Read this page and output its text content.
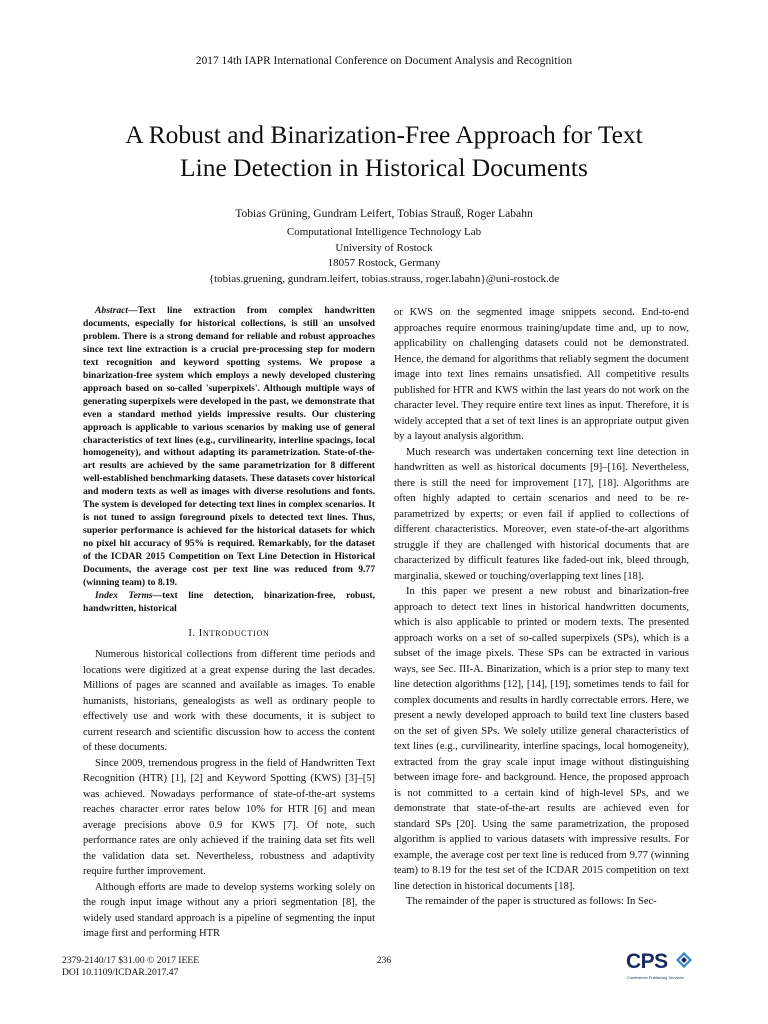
2017 14th IAPR International Conference on Document Analysis and Recognition
A Robust and Binarization-Free Approach for Text
Line Detection in Historical Documents
Tobias Grüning, Gundram Leifert, Tobias Strauß, Roger Labahn
Computational Intelligence Technology Lab
University of Rostock
18057 Rostock, Germany
{tobias.gruening, gundram.leifert, tobias.strauss, roger.labahn}@uni-rostock.de

Abstract—Text line extraction from complex handwritten documents, especially for historical collections, is still an unsolved problem. There is a strong demand for reliable and robust approaches since text line extraction is a crucial pre-processing step for modern text recognition and keyword spotting systems. We propose a binarization-free system which employs a newly developed clustering approach based on so-called 'superpixels'. Although multiple ways of generating superpixels were developed in the past, we demonstrate that even a standard method yields impressive results. Our clustering approach is applicable to various scenarios by making use of general characteristics of text lines (e.g., curvilinearity, interline spacings, local homogeneity), and without adapting its parametrization. State-of-the-art results are achieved by the same parametrization for 8 different well-established benchmarking datasets. These datasets cover historical and modern texts as well as images with diverse resolutions and fonts. The system is developed for detecting text lines in complex scenarios. It is not tuned to assign foreground pixels to detected text lines. Thus, superior performance is achieved for the historical datasets for which no pixel hit accuracy of 95% is required. Remarkably, for the dataset of the ICDAR 2015 Competition on Text Line Detection in Historical Documents, the average cost per text line was reduced from 9.77 (winning team) to 8.19.

Index Terms—text line detection, binarization-free, robust, handwritten, historical

I. INTRODUCTION

Numerous historical collections from different time periods and locations were digitized at a great expense during the last decades. Millions of pages are scanned and available as images. To enable humanists, historians, genealogists as well as ordinary people to effectively use and work with these documents, it is subject to current research and scientific discussion how to access the content of these documents.

Since 2009, tremendous progress in the field of Handwritten Text Recognition (HTR) [1], [2] and Keyword Spotting (KWS) [3]–[5] was achieved. Nowadays performance of state-of-the-art systems reaches character error rates below 10% for HTR [6] and mean average precisions above 0.9 for KWS [7]. Of note, such performance rates are only achieved if the training data set fits well the validation data set. Nevertheless, robustness and adaptivity require further improvement.

Although efforts are made to develop systems working solely on the rough input image without any a priori segmentation [8], the widely used standard approach is a pipeline of segmenting the input image first and performing HTR

or KWS on the segmented image snippets second. End-to-end approaches require enormous training/update time and, up to now, applicability on challenging datasets could not be demonstrated. Hence, the demand for algorithms that reliably segment the document image into text lines remains unsatisfied. All competitive results published for HTR and KWS within the last years do not work on the character level. They require entire text lines as input. Therefore, it is widely accepted that a set of text lines is an appropriate output given by a layout analysis algorithm.

Much research was undertaken concerning text line detection in handwritten as well as historical documents [9]–[16]. Nevertheless, there is still the need for improvement [17], [18]. Algorithms are often highly adapted to certain scenarios and need to be re-parametrized by experts; or even fail if applied to collections of different characteristics. Moreover, even state-of-the-art algorithms struggle if they are challenged with historical documents that are characterized by difficult features like faded-out ink, bleed through, marginalia, skewed or touching/overlapping text lines [18].

In this paper we present a new robust and binarization-free approach to detect text lines in historical handwritten documents, which is also applicable to printed or modern texts. The presented approach works on a set of so-called superpixels (SPs), which is a subset of the image pixels. These SPs can be extracted in various ways, see Sec. III-A. Binarization, which is a prior step to many text line detection algorithms [12], [14], [19], sometimes tends to fail for complex documents and results in hardly correctable errors. Here, we present a newly developed approach to build text line clusters based on the set of given SPs. We solely utilize general characteristics of text lines (e.g., curvilinearity, interline spacings, local homogeneity), extracted from the gray scale input image without distinguishing between image fore- and background. Hence, the proposed approach is not committed to a certain kind of high-level SPs, and we demonstrate that state-of-the-art results are achieved even for standard SPs [20]. Using the same parametrization, the proposed algorithm is applied to various datasets with impressive results. For example, the average cost per text line is reduced from 9.77 (winning team) to 8.19 for the test set of the ICDAR 2015 competition on text line detection in historical documents [18].

The remainder of the paper is structured as follows: In Sec-

2379-2140/17 $31.00 © 2017 IEEE
DOI 10.1109/ICDAR.2017.47
236	CPS
Conference Publishing Services
